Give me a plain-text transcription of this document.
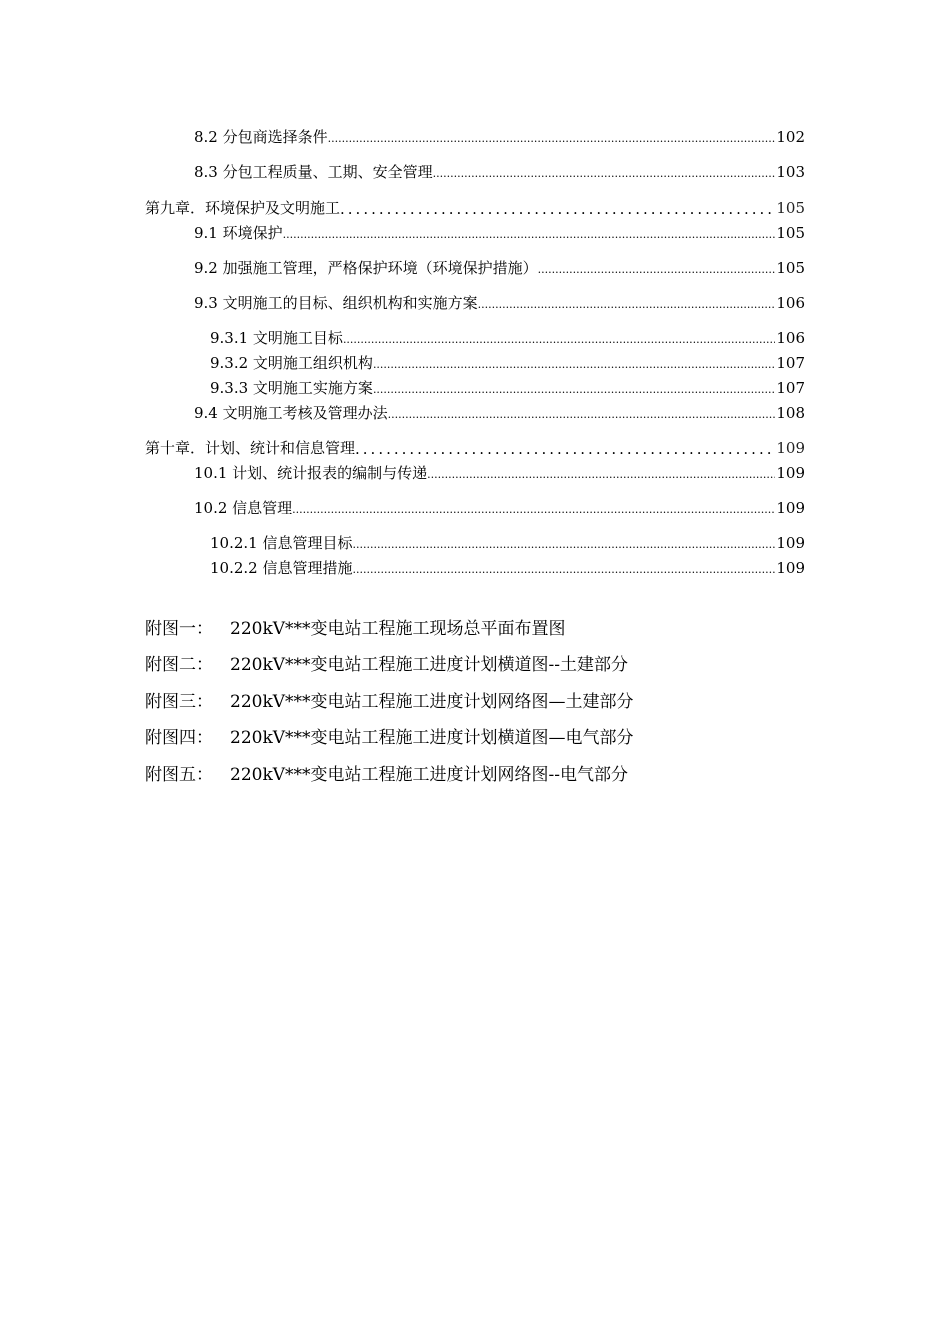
8.2 分包商选择条件 .....	102
8.3 分包工程质量、工期、安全管理 .....	103
第九章．环境保护及文明施工 .....	105
9.1 环境保护 .....	105
9.2 加强施工管理，严格保护环境（环境保护措施） .....	105
9.3 文明施工的目标、组织机构和实施方案 .....	106
9.3.1 文明施工目标 .....	106
9.3.2 文明施工组织机构 .....	107
9.3.3 文明施工实施方案 .....	107
9.4 文明施工考核及管理办法 .....	108
第十章．计划、统计和信息管理 .....	109
10.1 计划、统计报表的编制与传递 .....	109
10.2 信息管理 .....	109
10.2.1 信息管理目标 .....	109
10.2.2 信息管理措施 .....	109
附图一： 220kV***变电站工程施工现场总平面布置图
附图二： 220kV***变电站工程施工进度计划横道图--土建部分
附图三： 220kV***变电站工程施工进度计划网络图—土建部分
附图四： 220kV***变电站工程施工进度计划横道图—电气部分
附图五： 220kV***变电站工程施工进度计划网络图--电气部分
